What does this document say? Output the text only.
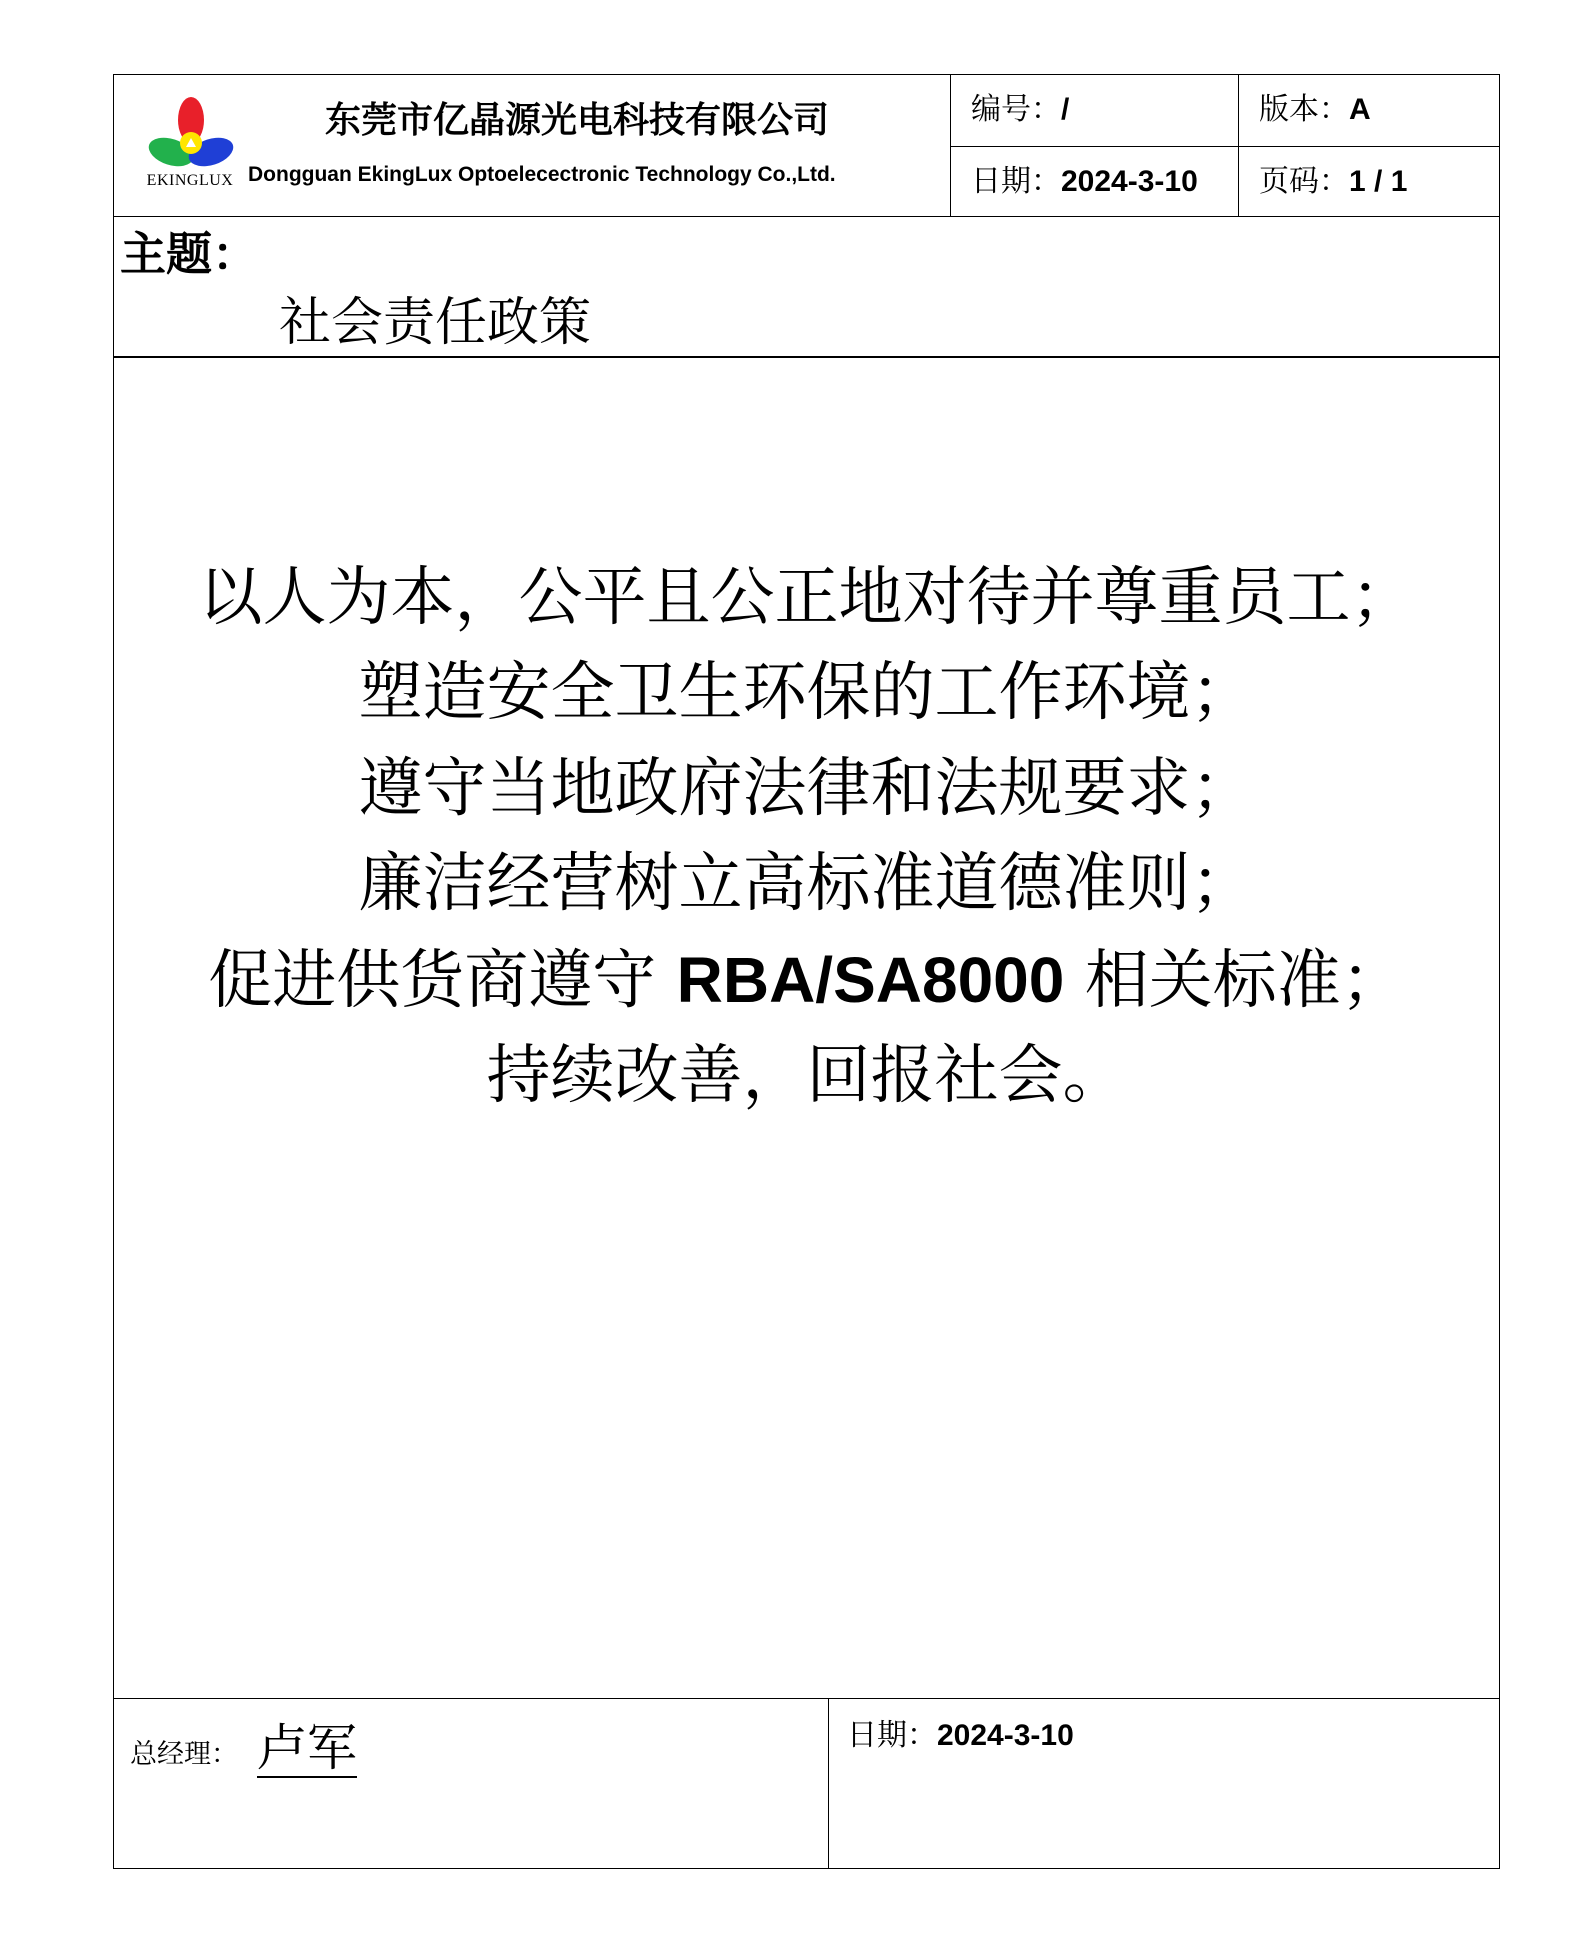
EKINGLUX
东莞市亿晶源光电科技有限公司
Dongguan EkingLux Optoelecectronic Technology Co.,Ltd.
编号：/	版本：A
日期：2024-3-10 页码：1 / 1
主题：
社会责任政策
以人为本，公平且公正地对待并尊重员工；
塑造安全卫生环保的工作环境；
遵守当地政府法律和法规要求；
廉洁经营树立高标准道德准则；
促进供货商遵守 RBA/SA8000 相关标准；
持续改善，回报社会。
总经理： 卢军	日期：2024-3-10
